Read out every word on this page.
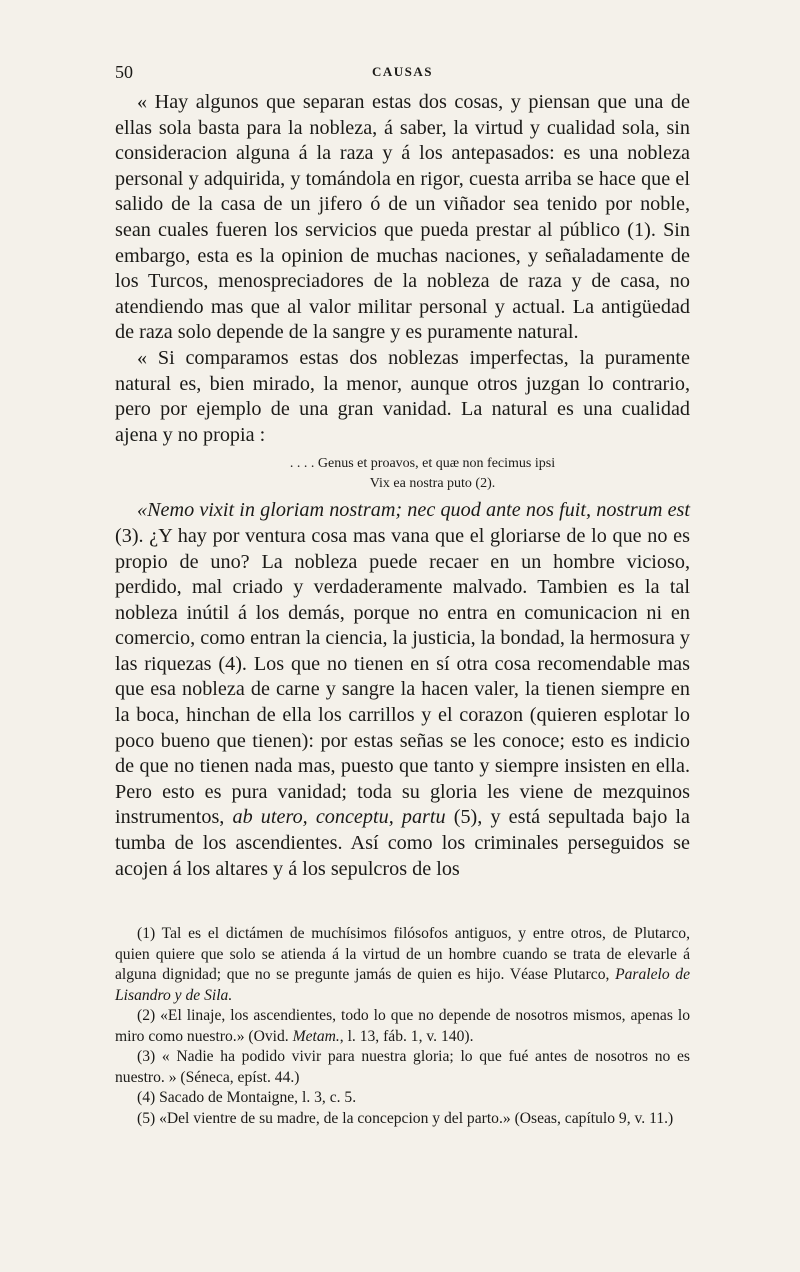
50	CAUSAS

« Hay algunos que separan estas dos cosas, y piensan que una de ellas sola basta para la nobleza, á saber, la virtud y cualidad sola, sin consideracion alguna á la raza y á los antepasados: es una nobleza personal y adquirida, y tomándola en rigor, cuesta arriba se hace que el salido de la casa de un jifero ó de un viñador sea tenido por noble, sean cuales fueren los servicios que pueda prestar al público (1). Sin embargo, esta es la opinion de muchas naciones, y señaladamente de los Turcos, menospreciadores de la nobleza de raza y de casa, no atendiendo mas que al valor militar personal y actual. La antigüedad de raza solo depende de la sangre y es puramente natural.

« Si comparamos estas dos noblezas imperfectas, la puramente natural es, bien mirado, la menor, aunque otros juzgan lo contrario, pero por ejemplo de una gran vanidad. La natural es una cualidad ajena y no propia :

. . . . Genus et proavos, et quæ non fecimus ipsi
Vix ea nostra puto (2).

«Nemo vixit in gloriam nostram; nec quod ante nos fuit, nostrum est (3). ¿Y hay por ventura cosa mas vana que el gloriarse de lo que no es propio de uno? La nobleza puede recaer en un hombre vicioso, perdido, mal criado y verdaderamente malvado. Tambien es la tal nobleza inútil á los demás, porque no entra en comunicacion ni en comercio, como entran la ciencia, la justicia, la bondad, la hermosura y las riquezas (4). Los que no tienen en sí otra cosa recomendable mas que esa nobleza de carne y sangre la hacen valer, la tienen siempre en la boca, hinchan de ella los carrillos y el corazon (quieren esplotar lo poco bueno que tienen): por estas señas se les conoce; esto es indicio de que no tienen nada mas, puesto que tanto y siempre insisten en ella. Pero esto es pura vanidad; toda su gloria les viene de mezquinos instrumentos, ab utero, conceptu, partu (5), y está sepultada bajo la tumba de los ascendientes. Así como los criminales perseguidos se acojen á los altares y á los sepulcros de los

(1) Tal es el dictámen de muchísimos filósofos antiguos, y entre otros, de Plutarco, quien quiere que solo se atienda á la virtud de un hombre cuando se trata de elevarle á alguna dignidad; que no se pregunte jamás de quien es hijo. Véase Plutarco, Paralelo de Lisandro y de Sila.

(2) «El linaje, los ascendientes, todo lo que no depende de nosotros mismos, apenas lo miro como nuestro.» (Ovid. Metam., l. 13, fáb. 1, v. 140).

(3) « Nadie ha podido vivir para nuestra gloria; lo que fué antes de nosotros no es nuestro. » (Séneca, epíst. 44.)

(4) Sacado de Montaigne, l. 3, c. 5.

(5) «Del vientre de su madre, de la concepcion y del parto.» (Oseas, capítulo 9, v. 11.)
